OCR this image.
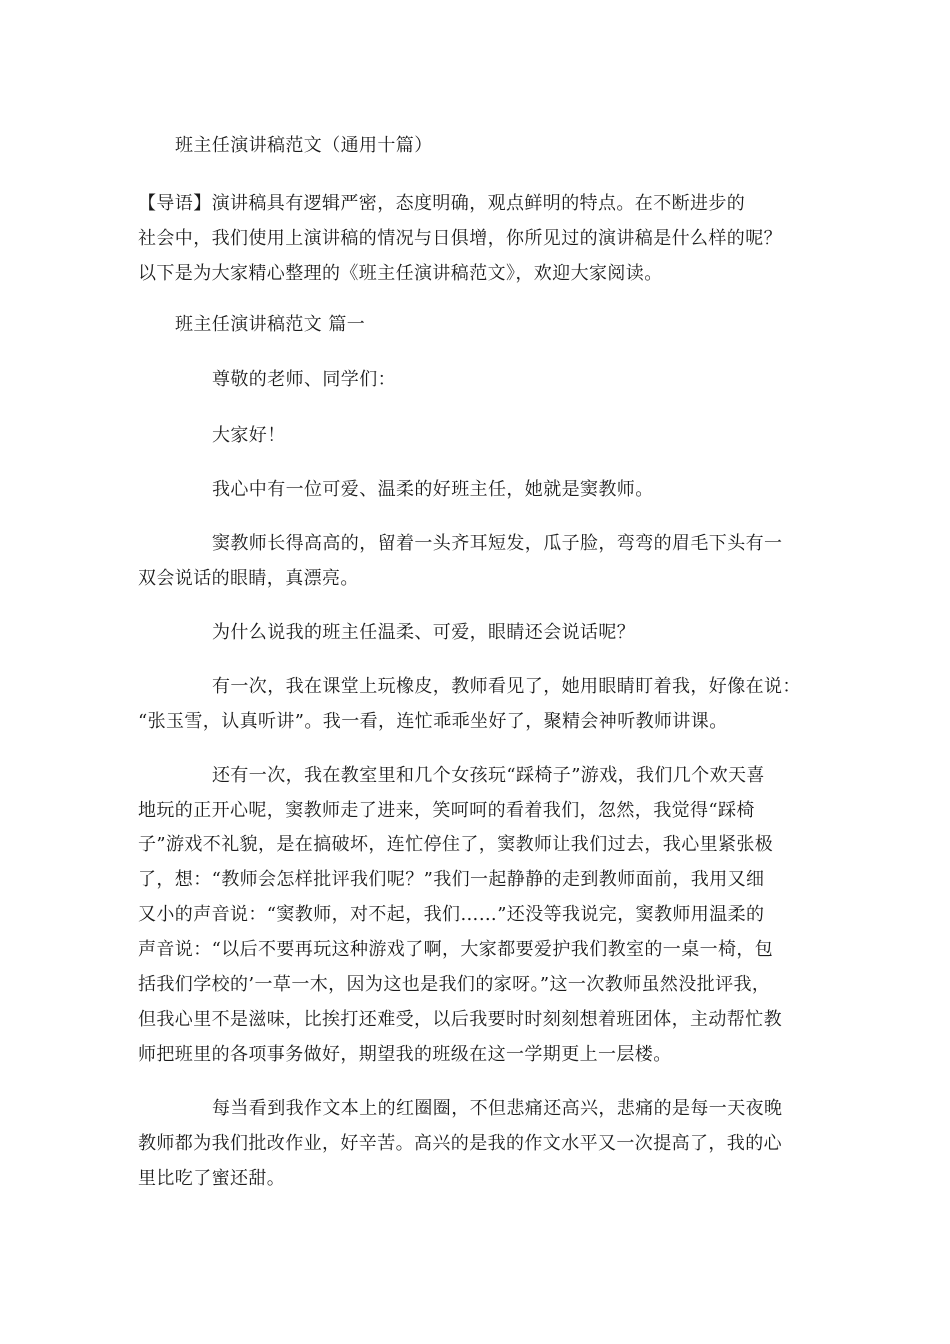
班主任演讲稿范文（通用十篇）
【导语】演讲稿具有逻辑严密，态度明确，观点鲜明的特点。在不断进步的
社会中，我们使用上演讲稿的情况与日俱增，你所见过的演讲稿是什么样的呢？
以下是为大家精心整理的《班主任演讲稿范文》，欢迎大家阅读。
班主任演讲稿范文 篇一
尊敬的老师、同学们：
大家好！
我心中有一位可爱、温柔的好班主任，她就是窦教师。
窦教师长得高高的，留着一头齐耳短发，瓜子脸，弯弯的眉毛下头有一
双会说话的眼睛，真漂亮。
为什么说我的班主任温柔、可爱，眼睛还会说话呢？
有一次，我在课堂上玩橡皮，教师看见了，她用眼睛盯着我，好像在说：
“张玉雪，认真听讲”。我一看，连忙乖乖坐好了，聚精会神听教师讲课。
还有一次，我在教室里和几个女孩玩“踩椅子”游戏，我们几个欢天喜
地玩的正开心呢，窦教师走了进来，笑呵呵的看着我们，忽然，我觉得“踩椅
子”游戏不礼貌，是在搞破坏，连忙停住了，窦教师让我们过去，我心里紧张极
了，想：“教师会怎样批评我们呢？”我们一起静静的走到教师面前，我用又细
又小的声音说：“窦教师，对不起，我们……”还没等我说完，窦教师用温柔的
声音说：“以后不要再玩这种游戏了啊，大家都要爱护我们教室的一桌一椅，包
括我们学校的’一草一木，因为这也是我们的家呀。”这一次教师虽然没批评我，
但我心里不是滋味，比挨打还难受，以后我要时时刻刻想着班团体，主动帮忙教
师把班里的各项事务做好，期望我的班级在这一学期更上一层楼。
每当看到我作文本上的红圈圈，不但悲痛还高兴，悲痛的是每一天夜晚
教师都为我们批改作业，好辛苦。高兴的是我的作文水平又一次提高了，我的心
里比吃了蜜还甜。
